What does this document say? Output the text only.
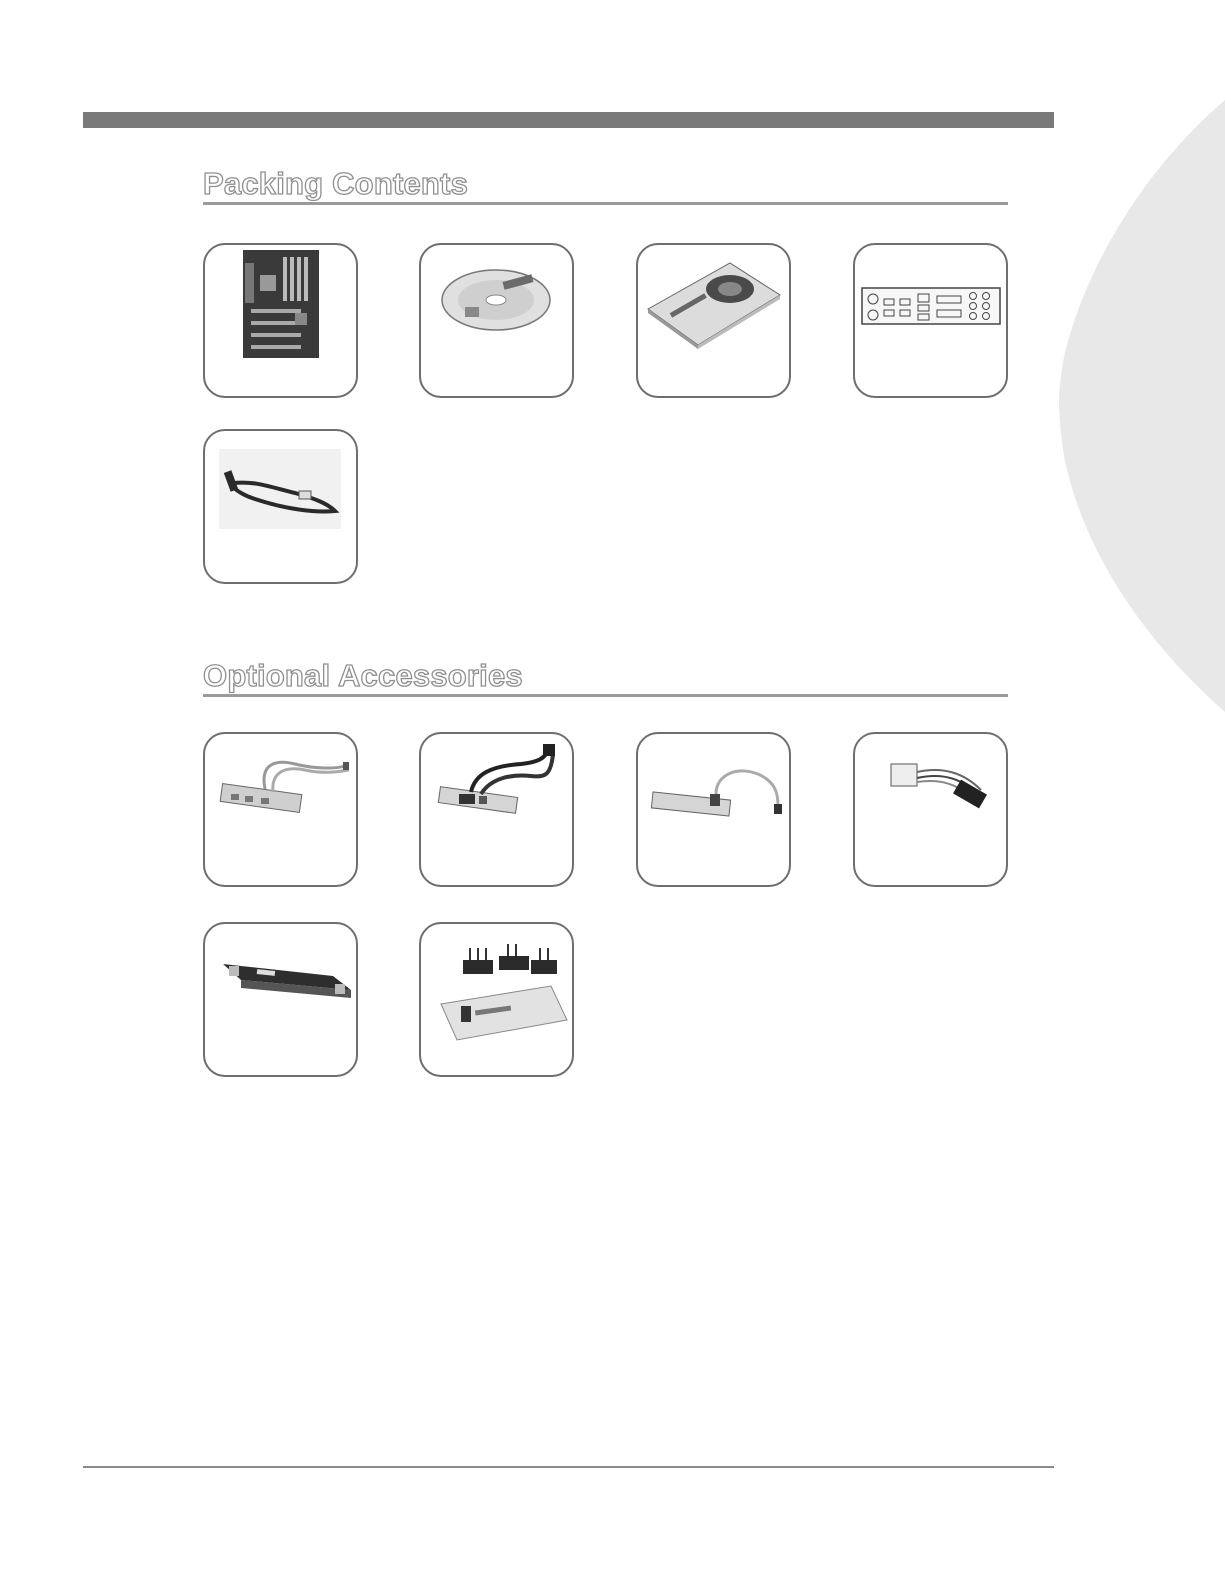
Packing Contents
Optional Accessories
